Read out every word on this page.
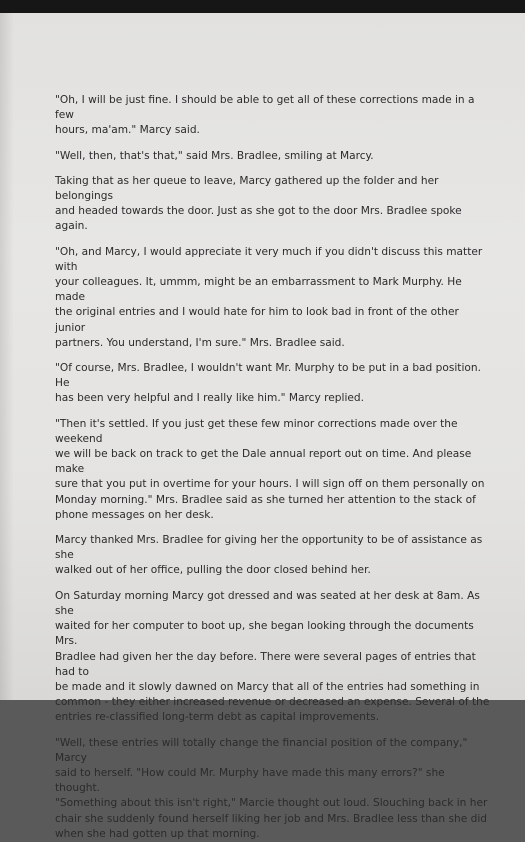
"Oh, I will be just fine. I should be able to get all of these corrections made in a few
hours, ma'am." Marcy said.

"Well, then, that's that," said Mrs. Bradlee, smiling at Marcy.

Taking that as her queue to leave, Marcy gathered up the folder and her belongings
and headed towards the door. Just as she got to the door Mrs. Bradlee spoke again.

"Oh, and Marcy, I would appreciate it very much if you didn't discuss this matter with
your colleagues. It, ummm, might be an embarrassment to Mark Murphy. He made
the original entries and I would hate for him to look bad in front of the other junior
partners. You understand, I'm sure." Mrs. Bradlee said.

"Of course, Mrs. Bradlee, I wouldn't want Mr. Murphy to be put in a bad position. He
has been very helpful and I really like him." Marcy replied.

"Then it's settled. If you just get these few minor corrections made over the weekend
we will be back on track to get the Dale annual report out on time. And please make
sure that you put in overtime for your hours. I will sign off on them personally on
Monday morning." Mrs. Bradlee said as she turned her attention to the stack of
phone messages on her desk.

Marcy thanked Mrs. Bradlee for giving her the opportunity to be of assistance as she
walked out of her office, pulling the door closed behind her.

On Saturday morning Marcy got dressed and was seated at her desk at 8am. As she
waited for her computer to boot up, she began looking through the documents Mrs.
Bradlee had given her the day before. There were several pages of entries that had to
be made and it slowly dawned on Marcy that all of the entries had something in
common - they either increased revenue or decreased an expense. Several of the
entries re-classified long-term debt as capital improvements.

"Well, these entries will totally change the financial position of the company," Marcy
said to herself. "How could Mr. Murphy have made this many errors?" she thought.
"Something about this isn't right," Marcie thought out loud. Slouching back in her
chair she suddenly found herself liking her job and Mrs. Bradlee less than she did
when she had gotten up that morning.
